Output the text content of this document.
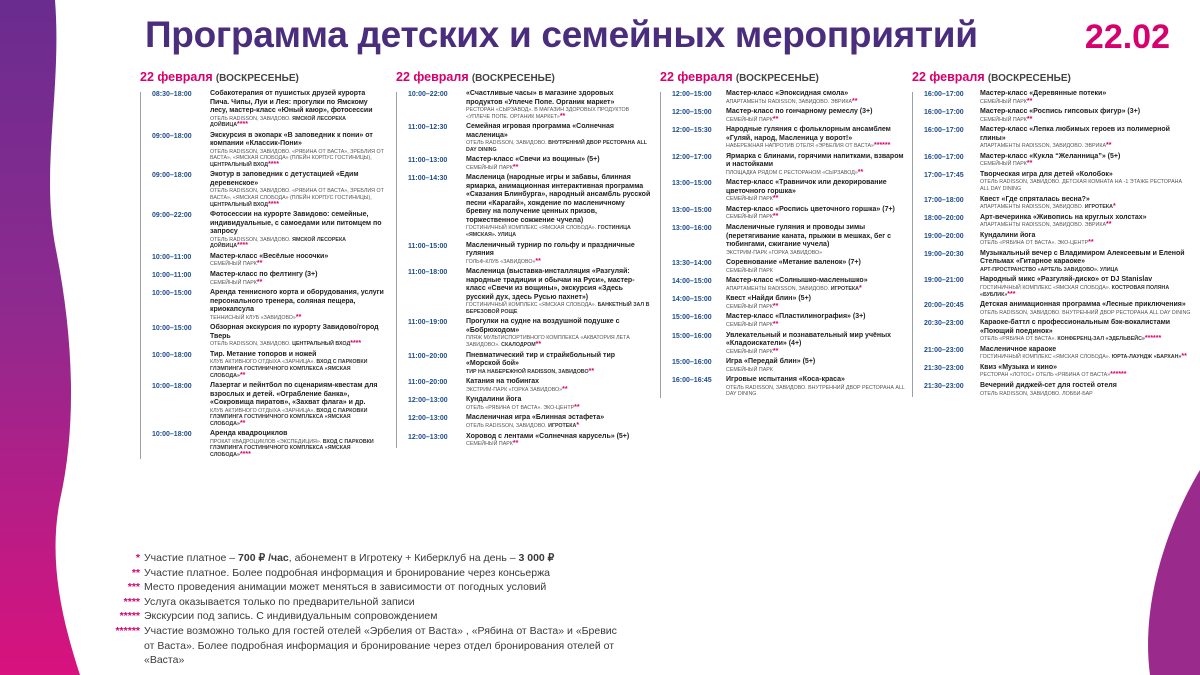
Программа детских и семейных мероприятий	22.02
22 февраля (ВОСКРЕСЕНЬЕ)
08:30–18:00	Собакотерапия от пушистых друзей курорта Пича. Чипы, Луи и Лея: прогулки по Ямскому лесу, мастер-класс «Юный каюр», фотосессии
ОТЕЛЬ RADISSON, ЗАВИДОВО. ЯМСКОЙ ЛЕСОРЕКА ДОЙВИЦА****
09:00–18:00	Экскурсия в экопарк «В заповедник к пони» от компании «Классик-Пони»
ОТЕЛЬ RADISSON, ЗАВИДОВО. «РЯБИНА ОТ ВАСТА», ЗРЕБЛИЯ ОТ ВАСТА», «ЯМСКАЯ СЛОБОДА» (ПЛЕЙН КОРПУС ГОСТИНИЦЫ), ЦЕНТРАЛЬНЫЙ ВХОД****
09:00–18:00	Экотур в заповедник с детустацией «Едим деревенское»
ОТЕЛЬ RADISSON, ЗАВИДОВО. «РЯБИНА ОТ ВАСТА», ЗРЕБЛИЯ ОТ ВАСТА», «ЯМСКАЯ СЛОБОДА» (ПЛЕЙН КОРПУС ГОСТИНИЦЫ), ЦЕНТРАЛЬНЫЙ ВХОД****
09:00–22:00	Фотосессии на курорте Завидово: семейные, индивидуальные, с самоедами или питомцем по запросу
ОТЕЛЬ RADISSON, ЗАВИДОВО. ЯМСКОЙ ЛЕСОРЕКА ДОЙВИЦА****
10:00–11:00	Мастер-класс «Весёлые носочки»
СЕМЕЙНЫЙ ПАРК**
10:00–11:00	Мастер-класс по фелтингу (3+)
СЕМЕЙНЫЙ ПАРК**
10:00–15:00	Аренда теннисного корта и оборудования, услуги персонального тренера, соляная пещера, криокапсула
ТЕННИСНЫЙ КЛУБ «ЗАВИДОВО»**
10:00–15:00	Обзорная экскурсия по курорту Завидово/город Тверь
ОТЕЛЬ RADISSON, ЗАВИДОВО. ЦЕНТРАЛЬНЫЙ ВХОД****
10:00–18:00	Тир. Метание топоров и ножей
КЛУБ АКТИВНОГО ОТДЫХА «ЗАРНИЦА». ВХОД С ПАРКОВКИ ГЛЭМПИНГА ГОСТИНИЧНОГО КОМПЛЕКСА «ЯМСКАЯ СЛОБОДА»**
10:00–18:00	Лазертаг и пейнтбол по сценариям-квестам для взрослых и детей. «Ограбление банка», «Сокровища пиратов», «Захват флага» и др.
КЛУБ АКТИВНОГО ОТДЫХА «ЗАРНИЦА». ВХОД С ПАРКОВКИ ГЛЭМПИНГА ГОСТИНИЧНОГО КОМПЛЕКСА «ЯМСКАЯ СЛОБОДА»**
10:00–18:00	Аренда квадроциклов
ПРОКАТ КВАДРОЦИКЛОВ «ЭКСПЕДИЦИЯ». ВХОД С ПАРКОВКИ ГЛЭМПИНГА ГОСТИНИЧНОГО КОМПЛЕКСА «ЯМСКАЯ СЛОБОДА»****
22 февраля (ВОСКРЕСЕНЬЕ)
10:00–22:00	«Счастливые часы» в магазине здоровых продуктов «Уплече Попе. Органик маркет»
РЕСТОРАН «СЫРЗАВОД». В МАГАЗИН ЗДОРОВЫХ ПРОДУКТОВ «УПЛЕЧЕ ПОПЕ. ОРГАНИК МАРКЕТ»**
11:00–12:30	Семейная игровая программа «Солнечная масленица»
ОТЕЛЬ RADISSON, ЗАВИДОВО. ВНУТРЕННИЙ ДВОР РЕСТОРАНА ALL DAY DINING
11:00–13:00	Мастер-класс «Свечи из вощины» (5+)
СЕМЕЙНЫЙ ПАРК**
11:00–14:30	Масленица (народные игры и забавы, блинная ярмарка, анимационная интерактивная программа «Сказания Блинбурга», народный ансамбль русской песни «Карагай», хождение по масленичному бревну на получение ценных призов, торжественное сожжение чучела)
ГОСТИНИЧНЫЙ КОМПЛЕКС «ЯМСКАЯ СЛОБОДА». ГОСТИНИЦА «ЯМСКАЯ». УЛИЦА
11:00–15:00	Масленичный турнир по гольфу и праздничные гуляния
ГОЛЬФ-КЛУБ «ЗАВИДОВО»**
11:00–18:00	Масленица (выставка-инсталляция «Разгуляй: народные традиции и обычаи на Руси», мастер-класс «Свечи из вощины», экскурсия «Здесь русский дух, здесь Русью пахнет»)
ГОСТИНИЧНЫЙ КОМПЛЕКС «ЯМСКАЯ СЛОБОДА». БАНКЕТНЫЙ ЗАЛ В БЕРЕЗОВОЙ РОЩЕ
11:00–19:00	Прогулки на судне на воздушной подушке с «Бобрюходом»
ПЛЯЖ МУЛЬТИСПОРТИВНОГО КОМПЛЕКСА «АКВАТОРИЯ ЛЕТА ЗАВИДОВО». СКАЛОДРОМ**
11:00–20:00	Пневматический тир и страйкбольный тир «Морской бой»
ТИР НА НАБЕРЕЖНОЙ RADISSON, ЗАВИДОВО**
11:00–20:00	Катания на тюбингах
ЭКСТРИМ-ПАРК «ГОРКА ЗАВИДОВО»**
12:00–13:00	Кундалини йога
ОТЕЛЬ «РЯБИНА ОТ ВАСТА». ЭКО-ЦЕНТР**
12:00–13:00	Масленичная игра «Блинная эстафета»
ОТЕЛЬ RADISSON, ЗАВИДОВО. ИГРОТЕКА*
12:00–13:00	Хоровод с лентами «Солнечная карусель» (5+)
СЕМЕЙНЫЙ ПАРК**
22 февраля (ВОСКРЕСЕНЬЕ)
12:00–15:00	Мастер-класс «Эпоксидная смола»
АПАРТАМЕНТЫ RADISSON, ЗАВИДОВО. ЭВРИКА**
12:00–15:00	Мастер-класс по гончарному ремеслу (3+)
СЕМЕЙНЫЙ ПАРК**
12:00–15:30	Народные гуляния с фольклорным ансамблем «Гуляй, народ, Масленица у ворот!»
НАБЕРЕЖНАЯ НАПРОТИВ ОТЕЛЯ «ЭРБЕЛИЯ ОТ ВАСТА»******
12:00–17:00	Ярмарка с блинами, горячими напитками, взваром и настойками
ПЛОЩАДКА РЯДОМ С РЕСТОРАНОМ «СЫРЗАВОД»**
13:00–15:00	Мастер-класс «Травничок или декорирование цветочного горшка»
СЕМЕЙНЫЙ ПАРК**
13:00–15:00	Мастер-класс «Роспись цветочного горшка» (7+)
СЕМЕЙНЫЙ ПАРК**
13:00–16:00	Масленичные гуляния и проводы зимы (перетягивание каната, прыжки в мешках, бег с тюбингами, сжигание чучела)
ЭКСТРИМ-ПАРК «ГОРКА ЗАВИДОВО»
13:30–14:00	Соревнование «Метание валенок» (7+)
СЕМЕЙНЫЙ ПАРК
14:00–15:00	Мастер-класс «Солнышко-масленышко»
АПАРТАМЕНТЫ RADISSON, ЗАВИДОВО. ИГРОТЕКА*
14:00–15:00	Квест «Найди блин» (5+)
СЕМЕЙНЫЙ ПАРК**
15:00–16:00	Мастер-класс «Пластилинография» (3+)
СЕМЕЙНЫЙ ПАРК**
15:00–16:00	Увлекательный и познавательный мир учёных «Кладоискатели» (4+)
СЕМЕЙНЫЙ ПАРК**
15:00–16:00	Игра «Передай блин» (5+)
СЕМЕЙНЫЙ ПАРК
16:00–16:45	Игровые испытания «Коса-краса»
ОТЕЛЬ RADISSON, ЗАВИДОВО. ВНУТРЕННИЙ ДВОР РЕСТОРАНА ALL DAY DINING
22 февраля (ВОСКРЕСЕНЬЕ)
16:00–17:00	Мастер-класс «Деревянные потеки»
СЕМЕЙНЫЙ ПАРК**
16:00–17:00	Мастер-класс «Роспись гипсовых фигур» (3+)
СЕМЕЙНЫЙ ПАРК**
16:00–17:00	Мастер-класс «Лепка любимых героев из полимерной глины»
АПАРТАМЕНТЫ RADISSON, ЗАВИДОВО. ЭВРИКА**
16:00–17:00	Мастер-класс «Кукла “Желанница”» (5+)
СЕМЕЙНЫЙ ПАРК**
17:00–17:45	Творческая игра для детей «Колобок»
ОТЕЛЬ RADISSON, ЗАВИДОВО. ДЕТСКАЯ КОМНАТА НА -1 ЭТАЖЕ РЕСТОРАНА ALL DAY DINING
17:00–18:00	Квест «Где спряталась весна?»
АПАРТАМЕНТЫ RADISSON, ЗАВИДОВО. ИГРОТЕКА*
18:00–20:00	Арт-вечеринка «Живопись на круглых холстах»
АПАРТАМЕНТЫ RADISSON, ЗАВИДОВО. ЭВРИКА**
19:00–20:00	Кундалини йога
ОТЕЛЬ «РЯБИНА ОТ ВАСТА». ЭКО-ЦЕНТР**
19:00–20:30	Музыкальный вечер с Владимиром Алексеевым и Еленой Стельмах «Гитарное караоке»
АРТ-ПРОСТРАНСТВО «АРТЕЛЬ ЗАВИДОВО». УЛИЦА
19:00–21:00	Народный микс «Разгуляй-диско» от DJ Stanislav
ГОСТИНИЧНЫЙ КОМПЛЕКС «ЯМСКАЯ СЛОБОДА». КОСТРОВАЯ ПОЛЯНА «БУБЛИК»***
20:00–20:45	Детская анимационная программа «Лесные приключения»
ОТЕЛЬ RADISSON, ЗАВИДОВО. ВНУТРЕННИЙ ДВОР РЕСТОРАНА ALL DAY DINING
20:30–23:00	Караоке-баттл с профессиональным бэк-вокалистами «Поющий поединок»
ОТЕЛЬ «РЯБИНА ОТ ВАСТА». КОНФЕРЕНЦ-ЗАЛ «ЭДЕЛЬВЕЙС»******
21:00–23:00	Масленичное караоке
ГОСТИНИЧНЫЙ КОМПЛЕКС «ЯМСКАЯ СЛОБОДА». ЮРТА-ЛАУНДЖ «БАРХАН»**
21:30–23:00	Квиз «Музыка и кино»
РЕСТОРАН «ЛОТОС» ОТЕЛЬ «РЯБИНА ОТ ВАСТА»******
21:30–23:00	Вечерний диджей-сет для гостей отеля
ОТЕЛЬ RADISSON, ЗАВИДОВО. ЛОББИ-БАР
* Участие платное – 700 ₽ /час, абонемент в Игротеку + Киберклуб на день – 3 000 ₽
** Участие платное. Более подробная информация и бронирование через консьержа
*** Место проведения анимации может меняться в зависимости от погодных условий
**** Услуга оказывается только по предварительной записи
***** Экскурсии под запись. С индивидуальным сопровождением
****** Участие возможно только для гостей отелей «Эрбелия от Васта» , «Рябина от Васта» и «Бревис от Васта». Более подробная информация и бронирование через отдел бронирования отелей от «Васта»
